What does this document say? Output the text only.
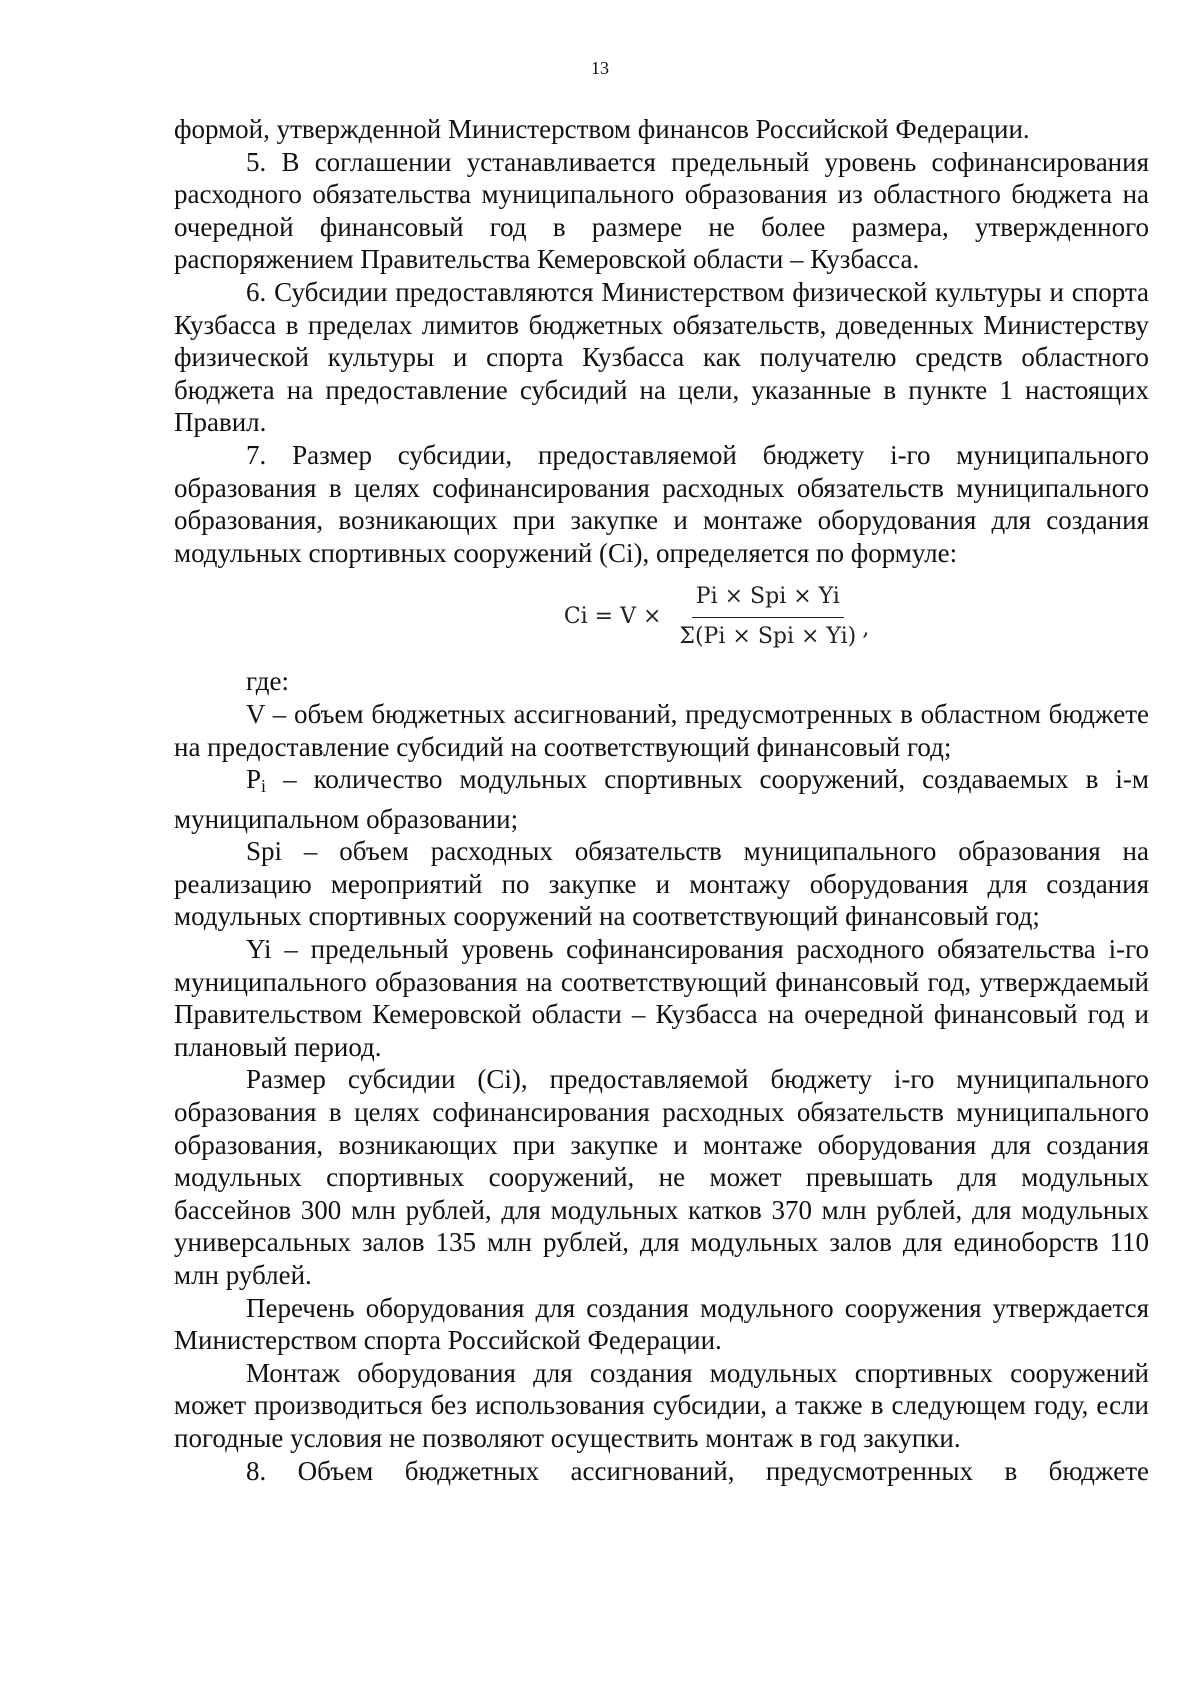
13

формой, утвержденной Министерством финансов Российской Федерации.

5. В соглашении устанавливается предельный уровень софинансирования расходного обязательства муниципального образования из областного бюджета на очередной финансовый год в размере не более размера, утвержденного распоряжением Правительства Кемеровской области – Кузбасса.

6. Субсидии предоставляются Министерством физической культуры и спорта Кузбасса в пределах лимитов бюджетных обязательств, доведенных Министерству физической культуры и спорта Кузбасса как получателю средств областного бюджета на предоставление субсидий на цели, указанные в пункте 1 настоящих Правил.

7. Размер субсидии, предоставляемой бюджету i-го муниципального образования в целях софинансирования расходных обязательств муниципального образования, возникающих при закупке и монтаже оборудования для создания модульных спортивных сооружений (Ci), определяется по формуле:

$Ci = V \times \frac{\text{Pi × Spi × Yi}}{\text{Σ(Pi × Spi × Yi)}}$ ,

где:

V – объем бюджетных ассигнований, предусмотренных в областном бюджете на предоставление субсидий на соответствующий финансовый год;

$P_i$ – количество модульных спортивных сооружений, создаваемых в i-м муниципальном образовании;

Spi – объем расходных обязательств муниципального образования на реализацию мероприятий по закупке и монтажу оборудования для создания модульных спортивных сооружений на соответствующий финансовый год;

Yi – предельный уровень софинансирования расходного обязательства i-го муниципального образования на соответствующий финансовый год, утверждаемый Правительством Кемеровской области – Кузбасса на очередной финансовый год и плановый период.

Размер субсидии (Ci), предоставляемой бюджету i-го муниципального образования в целях софинансирования расходных обязательств муниципального образования, возникающих при закупке и монтаже оборудования для создания модульных спортивных сооружений, не может превышать для модульных бассейнов 300 млн рублей, для модульных катков 370 млн рублей, для модульных универсальных залов 135 млн рублей, для модульных залов для единоборств 110 млн рублей.

Перечень оборудования для создания модульного сооружения утверждается Министерством спорта Российской Федерации.

Монтаж оборудования для создания модульных спортивных сооружений может производиться без использования субсидии, а также в следующем году, если погодные условия не позволяют осуществить монтаж в год закупки.

8. Объем бюджетных ассигнований, предусмотренных в бюджете
